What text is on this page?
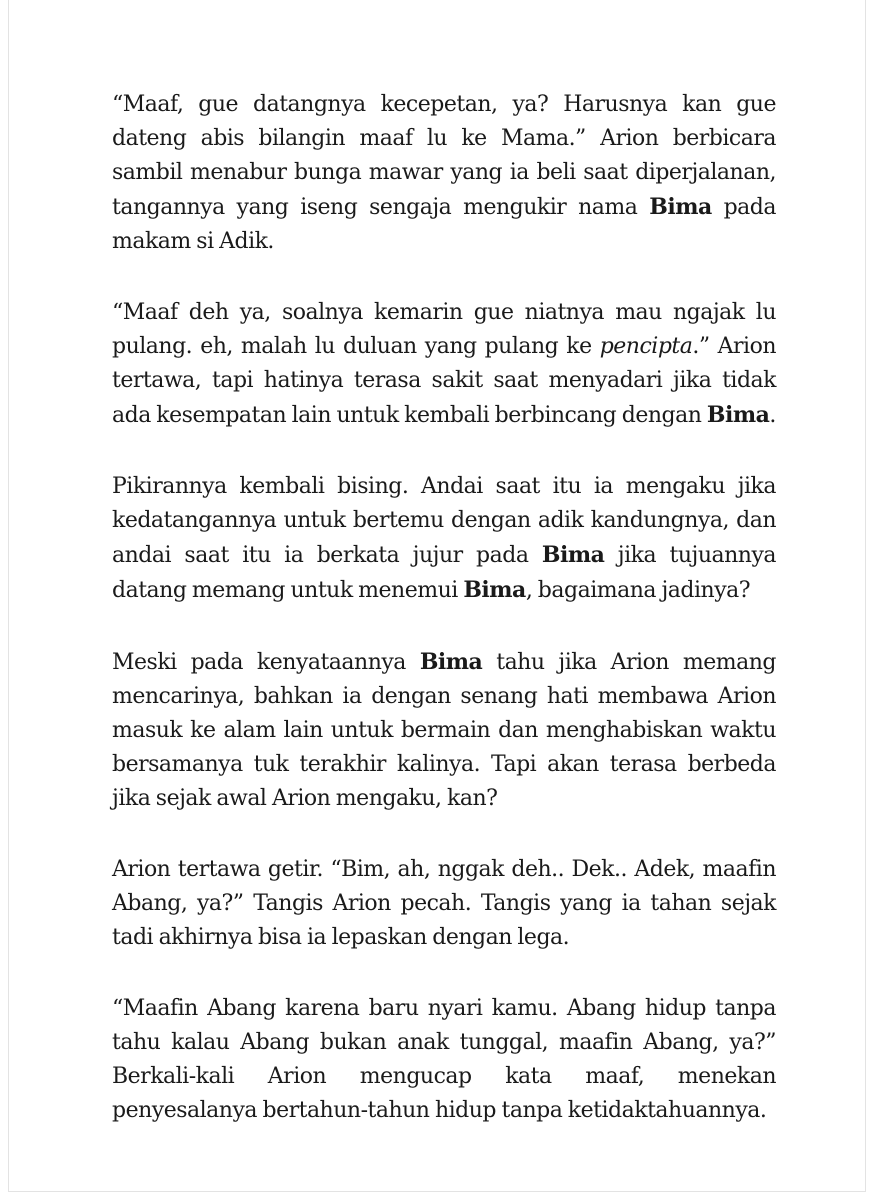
“Maaf, gue datangnya kecepetan, ya? Harusnya kan gue dateng abis bilangin maaf lu ke Mama.” Arion berbicara sambil menabur bunga mawar yang ia beli saat diperjalanan, tangannya yang iseng sengaja mengukir nama Bima pada makam si Adik.

“Maaf deh ya, soalnya kemarin gue niatnya mau ngajak lu pulang. eh, malah lu duluan yang pulang ke pencipta.” Arion tertawa, tapi hatinya terasa sakit saat menyadari jika tidak ada kesempatan lain untuk kembali berbincang dengan Bima.

Pikirannya kembali bising. Andai saat itu ia mengaku jika kedatangannya untuk bertemu dengan adik kandungnya, dan andai saat itu ia berkata jujur pada Bima jika tujuannya datang memang untuk menemui Bima, bagaimana jadinya?

Meski pada kenyataannya Bima tahu jika Arion memang mencarinya, bahkan ia dengan senang hati membawa Arion masuk ke alam lain untuk bermain dan menghabiskan waktu bersamanya tuk terakhir kalinya. Tapi akan terasa berbeda jika sejak awal Arion mengaku, kan?

Arion tertawa getir. “Bim, ah, nggak deh.. Dek.. Adek, maafin Abang, ya?” Tangis Arion pecah. Tangis yang ia tahan sejak tadi akhirnya bisa ia lepaskan dengan lega.

“Maafin Abang karena baru nyari kamu. Abang hidup tanpa tahu kalau Abang bukan anak tunggal, maafin Abang, ya?” Berkali-kali Arion mengucap kata maaf, menekan penyesalanya bertahun-tahun hidup tanpa ketidaktahuannya.
